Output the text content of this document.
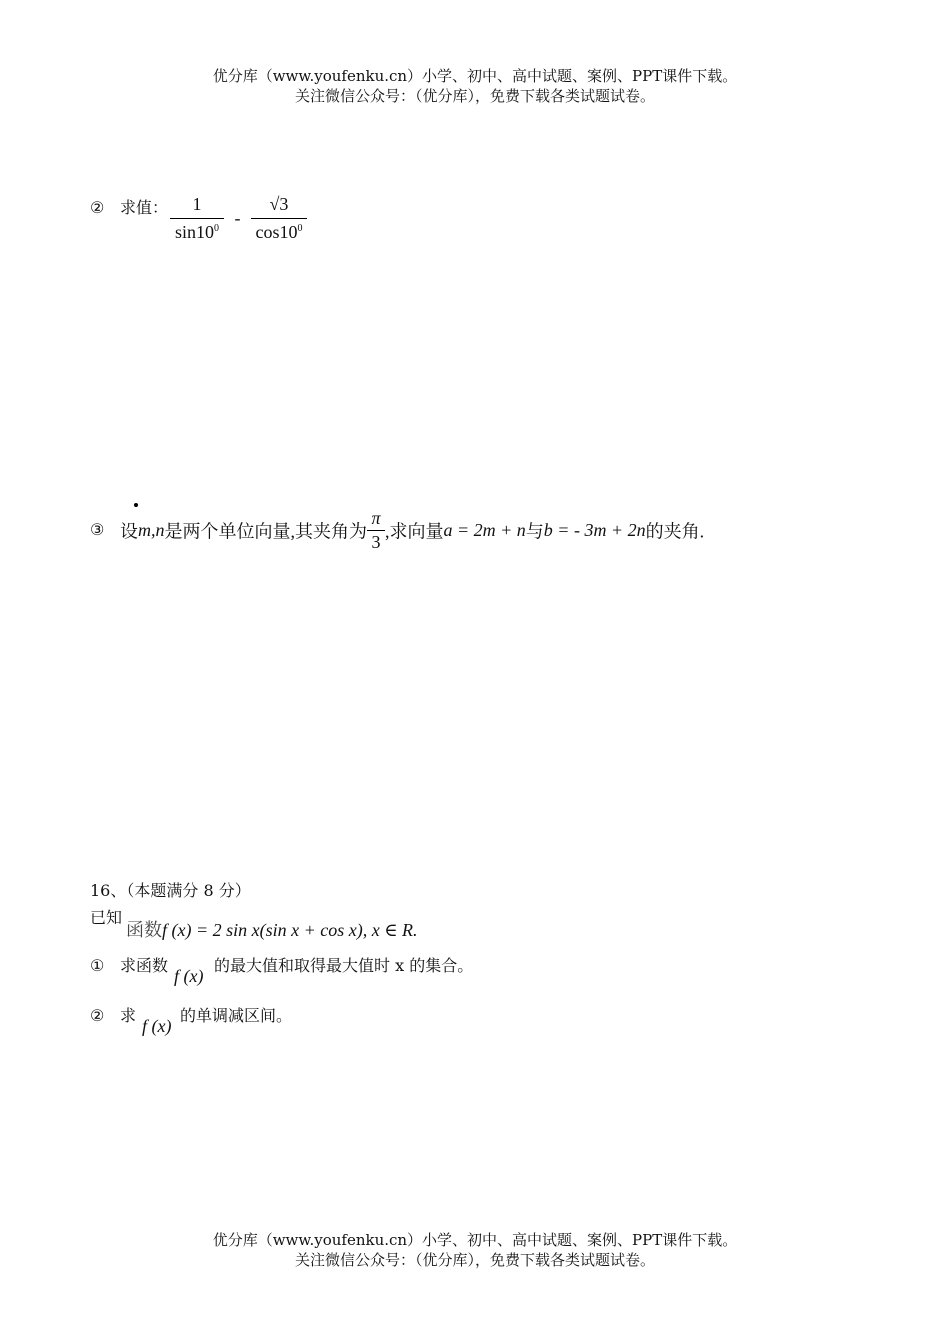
优分库（www.youfenku.cn）小学、初中、高中试题、案例、PPT课件下载。
关注微信公众号：（优分库），免费下载各类试题试卷。
② 求值： $\frac{1}{\sin 10^0} - \frac{√3}{\cos 10^0}$
③ 设m,n是两个单位向量,其夹角为 $\frac{\pi}{3}$ ,求向量a = 2m + n与b = - 3m + 2n的夹角.
16、（本题满分 8 分）
已知
函数f (x) = 2 sin x(sin x + cos x), x ∈ R.
① 求函数
f (x)
的最大值和取得最大值时 x 的集合。
② 求
f (x)
的单调减区间。
优分库（www.youfenku.cn）小学、初中、高中试题、案例、PPT课件下载。
关注微信公众号：（优分库），免费下载各类试题试卷。
